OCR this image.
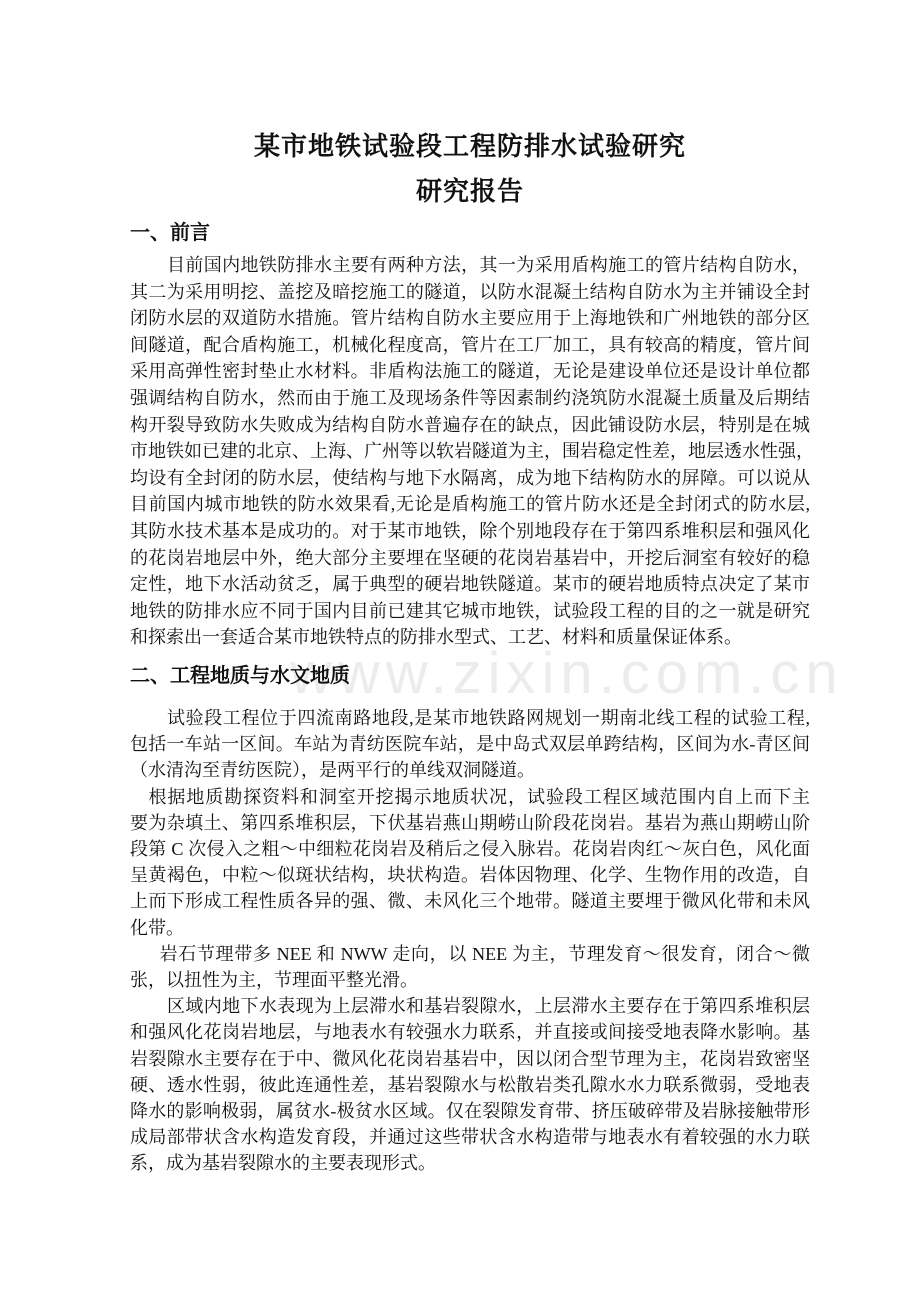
www.zixin.com.cn
某市地铁试验段工程防排水试验研究
研究报告
一、前言
目前国内地铁防排水主要有两种方法，其一为采用盾构施工的管片结构自防水，
其二为采用明挖、盖挖及暗挖施工的隧道，以防水混凝土结构自防水为主并铺设全封
闭防水层的双道防水措施。管片结构自防水主要应用于上海地铁和广州地铁的部分区
间隧道，配合盾构施工，机械化程度高，管片在工厂加工，具有较高的精度，管片间
采用高弹性密封垫止水材料。非盾构法施工的隧道，无论是建设单位还是设计单位都
强调结构自防水，然而由于施工及现场条件等因素制约浇筑防水混凝土质量及后期结
构开裂导致防水失败成为结构自防水普遍存在的缺点，因此铺设防水层，特别是在城
市地铁如已建的北京、上海、广州等以软岩隧道为主，围岩稳定性差，地层透水性强，
均设有全封闭的防水层，使结构与地下水隔离，成为地下结构防水的屏障。可以说从
目前国内城市地铁的防水效果看,无论是盾构施工的管片防水还是全封闭式的防水层,
其防水技术基本是成功的。对于某市地铁，除个别地段存在于第四系堆积层和强风化
的花岗岩地层中外，绝大部分主要埋在坚硬的花岗岩基岩中，开挖后洞室有较好的稳
定性，地下水活动贫乏，属于典型的硬岩地铁隧道。某市的硬岩地质特点决定了某市
地铁的防排水应不同于国内目前已建其它城市地铁，试验段工程的目的之一就是研究
和探索出一套适合某市地铁特点的防排水型式、工艺、材料和质量保证体系。
二、工程地质与水文地质
试验段工程位于四流南路地段,是某市地铁路网规划一期南北线工程的试验工程,
包括一车站一区间。车站为青纺医院车站，是中岛式双层单跨结构，区间为水-青区间
（水清沟至青纺医院），是两平行的单线双洞隧道。
根据地质勘探资料和洞室开挖揭示地质状况，试验段工程区域范围内自上而下主
要为杂填土、第四系堆积层，下伏基岩燕山期崂山阶段花岗岩。基岩为燕山期崂山阶
段第 C 次侵入之粗～中细粒花岗岩及稍后之侵入脉岩。花岗岩肉红～灰白色，风化面
呈黄褐色，中粒～似斑状结构，块状构造。岩体因物理、化学、生物作用的改造，自
上而下形成工程性质各异的强、微、未风化三个地带。隧道主要埋于微风化带和未风
化带。
岩石节理带多 NEE 和 NWW 走向，以 NEE 为主，节理发育～很发育，闭合～微
张，以扭性为主，节理面平整光滑。
区域内地下水表现为上层滞水和基岩裂隙水，上层滞水主要存在于第四系堆积层
和强风化花岗岩地层，与地表水有较强水力联系，并直接或间接受地表降水影响。基
岩裂隙水主要存在于中、微风化花岗岩基岩中，因以闭合型节理为主，花岗岩致密坚
硬、透水性弱，彼此连通性差，基岩裂隙水与松散岩类孔隙水水力联系微弱，受地表
降水的影响极弱，属贫水-极贫水区域。仅在裂隙发育带、挤压破碎带及岩脉接触带形
成局部带状含水构造发育段，并通过这些带状含水构造带与地表水有着较强的水力联
系，成为基岩裂隙水的主要表现形式。
